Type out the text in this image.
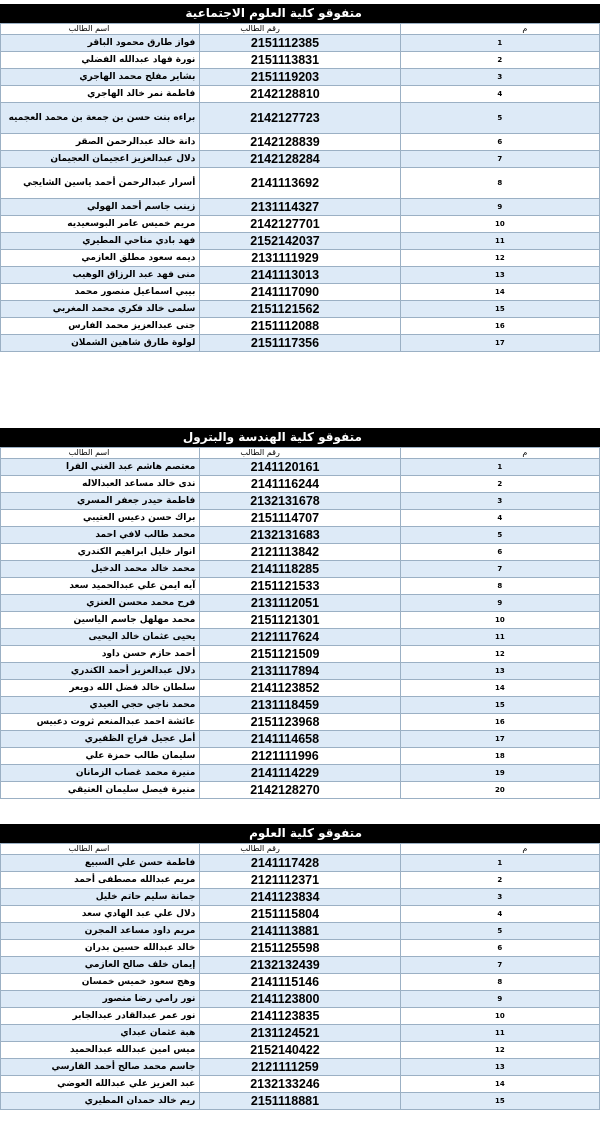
متفوقو كلية العلوم الاجتماعية
اسم الطالب	رقم الطالب	م
فواز طارق محمود الباقر	2151112385	1
نورة فهاد عبدالله الفضلي	2151113831	2
بشاير مفلح محمد الهاجري	2151119203	3
فاطمة نمر خالد الهاجري	2142128810	4
براءه بنت حسن بن جمعة بن محمد العجميه	2142127723	5
دانة خالد عبدالرحمن الصقر	2142128839	6
دلال عبدالعزيز اعجيمان العجيمان	2142128284	7
أسرار عبدالرحمن أحمد ياسين الشايجي	2141113692	8
زينب جاسم أحمد الهولي	2131114327	9
مريم خميس عامر البوسعيديه	2142127701	10
فهد بادي مناحي المطيري	2152142037	11
ديمه سعود مطلق العازمي	2131111929	12
منى فهد عبد الرزاق الوهيب	2141113013	13
بيبي اسماعيل منصور محمد	2141117090	14
سلمى خالد فكري محمد المغربي	2151121562	15
جنى عبدالعزيز محمد الفارس	2151112088	16
لولوة طارق شاهين الشملان	2151117356	17
متفوقو كلية الهندسة والبترول
اسم الطالب	رقم الطالب	م
معتصم هاشم عبد الغني الفرا	2141120161	1
ندى خالد مساعد العبدالاله	2141116244	2
فاطمة حيدر جعفر المسري	2132131678	3
براك حسن دعيس العتيبي	2151114707	4
محمد طالب لافي احمد	2132131683	5
انوار خليل ابراهيم الكندري	2121113842	6
محمد خالد محمد الدخيل	2141118285	7
آيه ايمن علي عبدالحميد سعد	2151121533	8
فرح محمد محسن العنزي	2131112051	9
محمد مهلهل جاسم الياسين	2151121301	10
يحيى عثمان خالد اليحيى	2121117624	11
أحمد حازم حسن داود	2151121509	12
دلال عبدالعزيز أحمد الكندري	2131117894	13
سلطان خالد فضل الله دويعر	2141123852	14
محمد ناجي حجي العيدي	2131118459	15
عائشة احمد عبدالمنعم ثروت دعبيس	2151123968	16
أمل عجيل فراج الظفيري	2141114658	17
سليمان طالب حمزة علي	2121111996	18
منيرة محمد غصاب الزمانان	2141114229	19
منيرة فيصل سليمان العتيقي	2142128270	20
متفوقو كلية العلوم
اسم الطالب	رقم الطالب	م
فاطمة حسن علي السبيع	2141117428	1
مريم عبدالله مصطفى أحمد	2121112371	2
جمانة سليم حاتم خليل	2141123834	3
دلال علي عبد الهادي سعد	2151115804	4
مريم داود مساعد المجرن	2141113881	5
خالد عبدالله حسين بدران	2151125598	6
إيمان خلف صالح العازمي	2132132439	7
وهج سعود خميس خمسان	2141115146	8
نور رامي رضا منصور	2141123800	9
نور عمر عبدالقادر عبدالجابر	2141123835	10
هبة عثمان عبداي	2131124521	11
ميس امين عبدالله عبدالحميد	2152140422	12
جاسم محمد صالح أحمد الفارسي	2121111259	13
عبد العزيز علي عبدالله العوضي	2132133246	14
ريم خالد حمدان المطيري	2151118881	15
